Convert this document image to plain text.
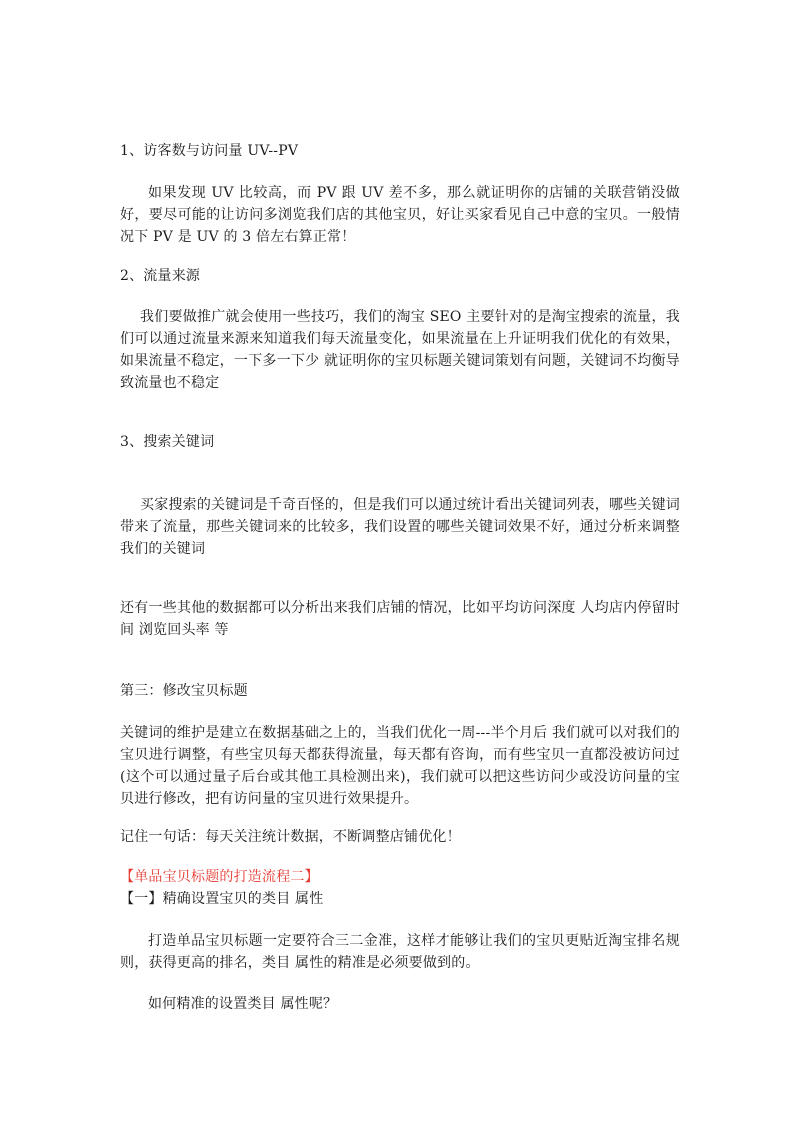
1、访客数与访问量 UV--PV

如果发现 UV 比较高，而 PV 跟 UV 差不多，那么就证明你的店铺的关联营销没做好，要尽可能的让访问多浏览我们店的其他宝贝，好让买家看见自己中意的宝贝。一般情况下 PV 是 UV 的 3 倍左右算正常！

2、流量来源

我们要做推广就会使用一些技巧，我们的淘宝 SEO 主要针对的是淘宝搜索的流量，我们可以通过流量来源来知道我们每天流量变化，如果流量在上升证明我们优化的有效果，如果流量不稳定，一下多一下少 就证明你的宝贝标题关键词策划有问题，关键词不均衡导致流量也不稳定

3、搜索关键词

买家搜索的关键词是千奇百怪的，但是我们可以通过统计看出关键词列表，哪些关键词带来了流量，那些关键词来的比较多，我们设置的哪些关键词效果不好，通过分析来调整我们的关键词

还有一些其他的数据都可以分析出来我们店铺的情况，比如平均访问深度 人均店内停留时间 浏览回头率 等

第三：修改宝贝标题

关键词的维护是建立在数据基础之上的，当我们优化一周---半个月后 我们就可以对我们的宝贝进行调整，有些宝贝每天都获得流量，每天都有咨询，而有些宝贝一直都没被访问过(这个可以通过量子后台或其他工具检测出来)，我们就可以把这些访问少或没访问量的宝贝进行修改，把有访问量的宝贝进行效果提升。

记住一句话：每天关注统计数据，不断调整店铺优化！

【单品宝贝标题的打造流程二】

【一】精确设置宝贝的类目 属性

打造单品宝贝标题一定要符合三二金准，这样才能够让我们的宝贝更贴近淘宝排名规则，获得更高的排名，类目 属性的精准是必须要做到的。

如何精准的设置类目 属性呢？
